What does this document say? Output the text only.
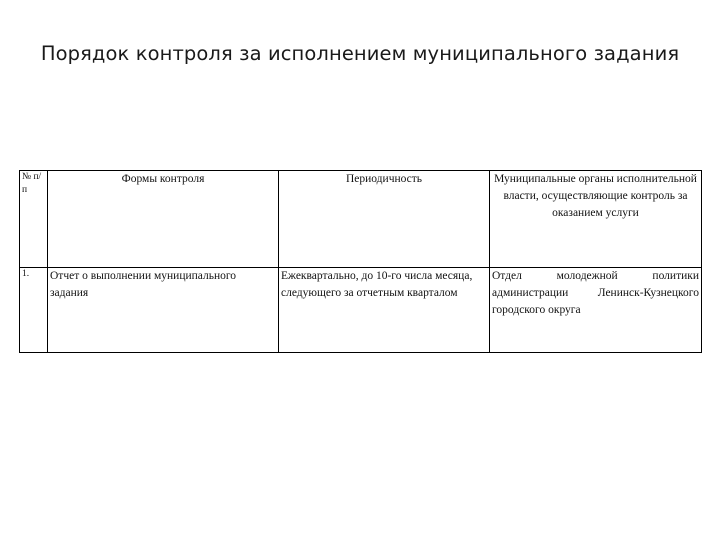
Порядок контроля за исполнением муниципального задания
№ п/п	Формы контроля	Периодичность	Муниципальные органы исполнительной власти, осуществляющие контроль за оказанием услуги
1.	Отчет о выполнении муниципального задания	Ежеквартально, до 10-го числа месяца, следующего за отчетным кварталом	Отдел молодежной политики администрации Ленинск-Кузнецкого городского округа
